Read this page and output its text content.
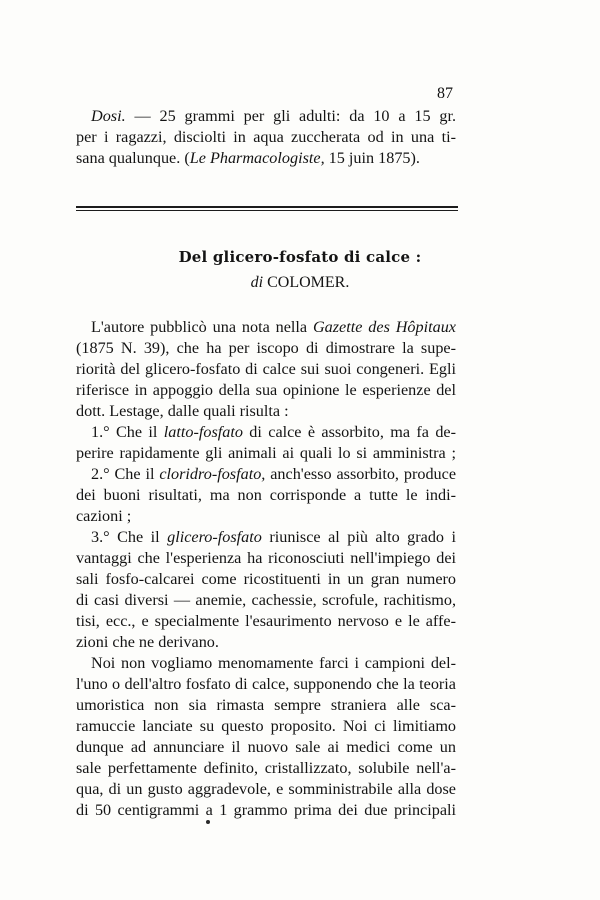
87
Dosi. — 25 grammi per gli adulti: da 10 a 15 gr.
per i ragazzi, disciolti in aqua zuccherata od in una ti-
sana qualunque. (Le Pharmacologiste, 15 juin 1875).
Del glicero-fosfato di calce :
di COLOMER.
L'autore pubblicò una nota nella Gazette des Hôpitaux
(1875 N. 39), che ha per iscopo di dimostrare la supe-
riorità del glicero-fosfato di calce sui suoi congeneri. Egli
riferisce in appoggio della sua opinione le esperienze del
dott. Lestage, dalle quali risulta :
1.° Che il latto-fosfato di calce è assorbito, ma fa de-
perire rapidamente gli animali ai quali lo si amministra ;
2.° Che il cloridro-fosfato, anch'esso assorbito, produce
dei buoni risultati, ma non corrisponde a tutte le indi-
cazioni ;
3.° Che il glicero-fosfato riunisce al più alto grado i
vantaggi che l'esperienza ha riconosciuti nell'impiego dei
sali fosfo-calcarei come ricostituenti in un gran numero
di casi diversi — anemie, cachessie, scrofule, rachitismo,
tisi, ecc., e specialmente l'esaurimento nervoso e le affe-
zioni che ne derivano.
Noi non vogliamo menomamente farci i campioni del-
l'uno o dell'altro fosfato di calce, supponendo che la teoria
umoristica non sia rimasta sempre straniera alle sca-
ramuccie lanciate su questo proposito. Noi ci limitiamo
dunque ad annunciare il nuovo sale ai medici come un
sale perfettamente definito, cristallizzato, solubile nell'a-
qua, di un gusto aggradevole, e somministrabile alla dose
di 50 centigrammi a 1 grammo prima dei due principali
